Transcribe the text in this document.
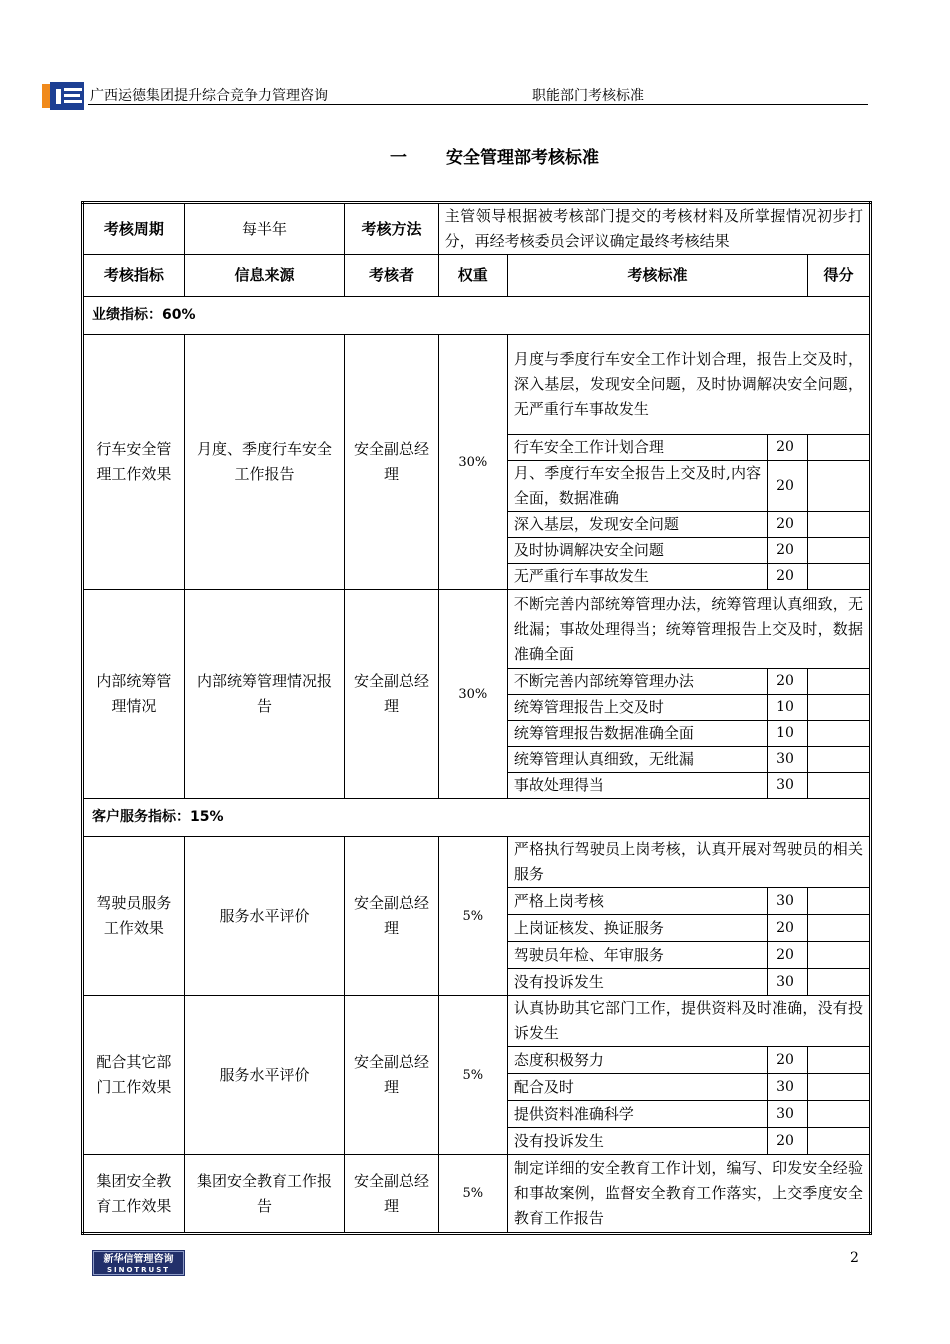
广西运德集团提升综合竞争力管理咨询	职能部门考核标准
一 安全管理部考核标准
考核周期	每半年	考核方法	主管领导根据被考核部门提交的考核材料及所掌握情况初步打分，再经考核委员会评议确定最终考核结果			
考核指标	信息来源	考核者	权重	考核标准		得分
业绩指标：60%						
行车安全管理工作效果	月度、季度行车安全工作报告	安全副总经理	30%	月度与季度行车安全工作计划合理，报告上交及时，深入基层，发现安全问题，及时协调解决安全问题，无严重行车事故发生		
				行车安全工作计划合理	20	
				月、季度行车安全报告上交及时,内容全面，数据准确	20	
				深入基层，发现安全问题	20	
				及时协调解决安全问题	20	
				无严重行车事故发生	20	
内部统筹管理情况	内部统筹管理情况报告	安全副总经理	30%	不断完善内部统筹管理办法，统筹管理认真细致，无纰漏；事故处理得当；统筹管理报告上交及时，数据准确全面		
				不断完善内部统筹管理办法	20	
				统筹管理报告上交及时	10	
				统筹管理报告数据准确全面	10	
				统筹管理认真细致，无纰漏	30	
				事故处理得当	30	
客户服务指标：15%						
驾驶员服务工作效果	服务水平评价	安全副总经理	5%	严格执行驾驶员上岗考核，认真开展对驾驶员的相关服务		
				严格上岗考核	30	
				上岗证核发、换证服务	20	
				驾驶员年检、年审服务	20	
				没有投诉发生	30	
配合其它部门工作效果	服务水平评价	安全副总经理	5%	认真协助其它部门工作，提供资料及时准确，没有投诉发生		
				态度积极努力	20	
				配合及时	30	
				提供资料准确科学	30	
				没有投诉发生	20	
集团安全教育工作效果	集团安全教育工作报告	安全副总经理	5%	制定详细的安全教育工作计划，编写、印发安全经验和事故案例，监督安全教育工作落实，上交季度安全教育工作报告		
新华信管理咨询
SINOTRUST
2
